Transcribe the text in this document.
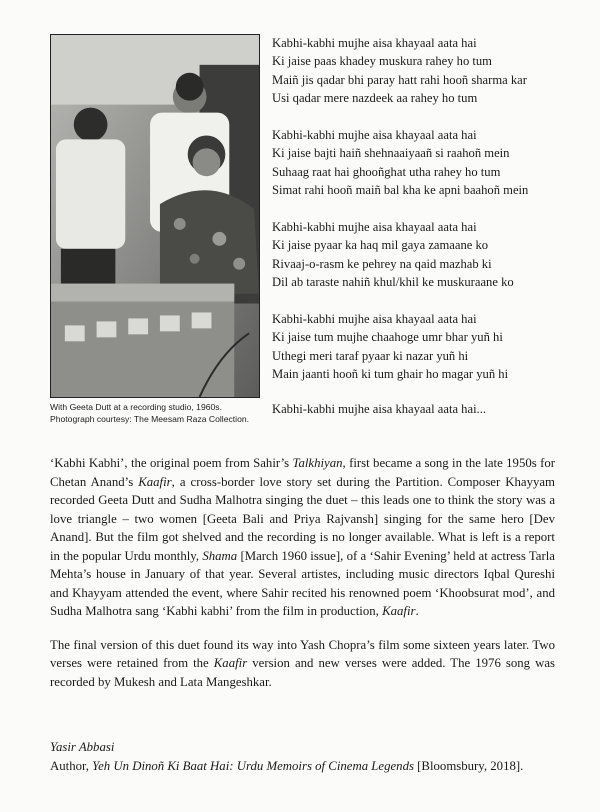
With Geeta Dutt at a recording studio, 1960s.
Photograph courtesy: The Meesam Raza Collection.
Kabhi-kabhi mujhe aisa khayaal aata hai
Ki jaise paas khadey muskura rahey ho tum
Maiñ jis qadar bhi paray hatt rahi hooñ sharma kar
Usi qadar mere nazdeek aa rahey ho tum
Kabhi-kabhi mujhe aisa khayaal aata hai
Ki jaise bajti haiñ shehnaaiyaañ si raahoñ mein
Suhaag raat hai ghooñghat utha rahey ho tum
Simat rahi hooñ maiñ bal kha ke apni baahoñ mein
Kabhi-kabhi mujhe aisa khayaal aata hai
Ki jaise pyaar ka haq mil gaya zamaane ko
Rivaaj-o-rasm ke pehrey na qaid mazhab ki
Dil ab taraste nahiñ khul/khil ke muskuraane ko
Kabhi-kabhi mujhe aisa khayaal aata hai
Ki jaise tum mujhe chaahoge umr bhar yuñ hi
Uthegi meri taraf pyaar ki nazar yuñ hi
Main jaanti hooñ ki tum ghair ho magar yuñ hi
Kabhi-kabhi mujhe aisa khayaal aata hai...

‘Kabhi Kabhi’, the original poem from Sahir’s Talkhiyan, first became a song in the late 1950s for Chetan Anand’s Kaafir, a cross-border love story set during the Partition. Composer Khayyam recorded Geeta Dutt and Sudha Malhotra singing the duet – this leads one to think the story was a love triangle – two women [Geeta Bali and Priya Rajvansh] singing for the same hero [Dev Anand]. But the film got shelved and the recording is no longer available. What is left is a report in the popular Urdu monthly, Shama [March 1960 issue], of a ‘Sahir Evening’ held at actress Tarla Mehta’s house in January of that year. Several artistes, including music directors Iqbal Qureshi and Khayyam attended the event, where Sahir recited his renowned poem ‘Khoobsurat mod’, and Sudha Malhotra sang ‘Kabhi kabhi’ from the film in production, Kaafir.

The final version of this duet found its way into Yash Chopra’s film some sixteen years later. Two verses were retained from the Kaafir version and new verses were added. The 1976 song was recorded by Mukesh and Lata Mangeshkar.

Yasir Abbasi
Author, Yeh Un Dinoñ Ki Baat Hai: Urdu Memoirs of Cinema Legends [Bloomsbury, 2018].
